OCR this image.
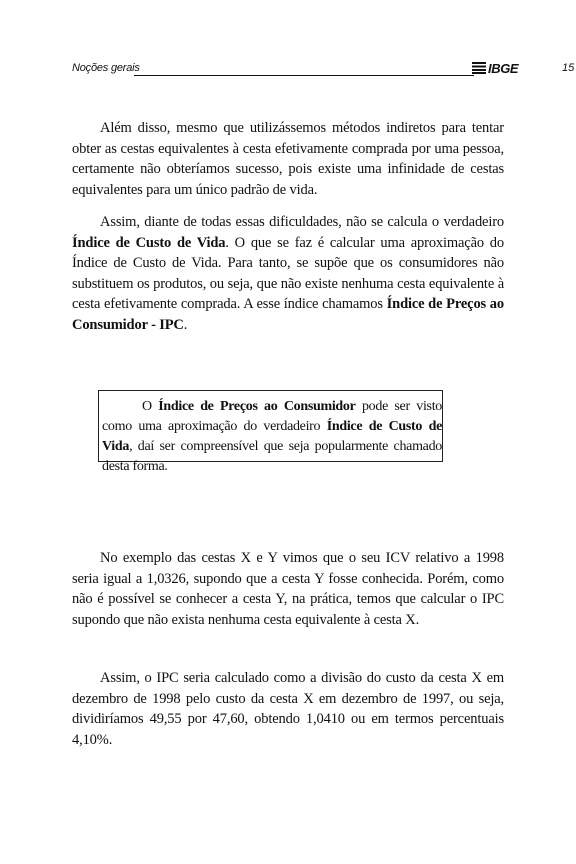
Noções gerais	IBGE	15

Além disso, mesmo que utilizássemos métodos indiretos para tentar obter as cestas equivalentes à cesta efetivamente comprada por uma pessoa, certamente não obteríamos sucesso, pois existe uma infinidade de cestas equivalentes para um único padrão de vida.

Assim, diante de todas essas dificuldades, não se calcula o verdadeiro Índice de Custo de Vida. O que se faz é calcular uma aproximação do Índice de Custo de Vida. Para tanto, se supõe que os consumidores não substituem os produtos, ou seja, que não existe nenhuma cesta equivalente à cesta efetivamente comprada. A esse índice chamamos Índice de Preços ao Consumidor - IPC.

O Índice de Preços ao Consumidor pode ser visto como uma aproximação do verdadeiro Índice de Custo de Vida, daí ser compreensível que seja popularmente chamado desta forma.

No exemplo das cestas X e Y vimos que o seu ICV relativo a 1998 seria igual a 1,0326, supondo que a cesta Y fosse conhecida. Porém, como não é possível se conhecer a cesta Y, na prática, temos que calcular o IPC supondo que não exista nenhuma cesta equivalente à cesta X.

Assim, o IPC seria calculado como a divisão do custo da cesta X em dezembro de 1998 pelo custo da cesta X em dezembro de 1997, ou seja, dividiríamos 49,55 por 47,60, obtendo 1,0410 ou em termos percentuais 4,10%.
